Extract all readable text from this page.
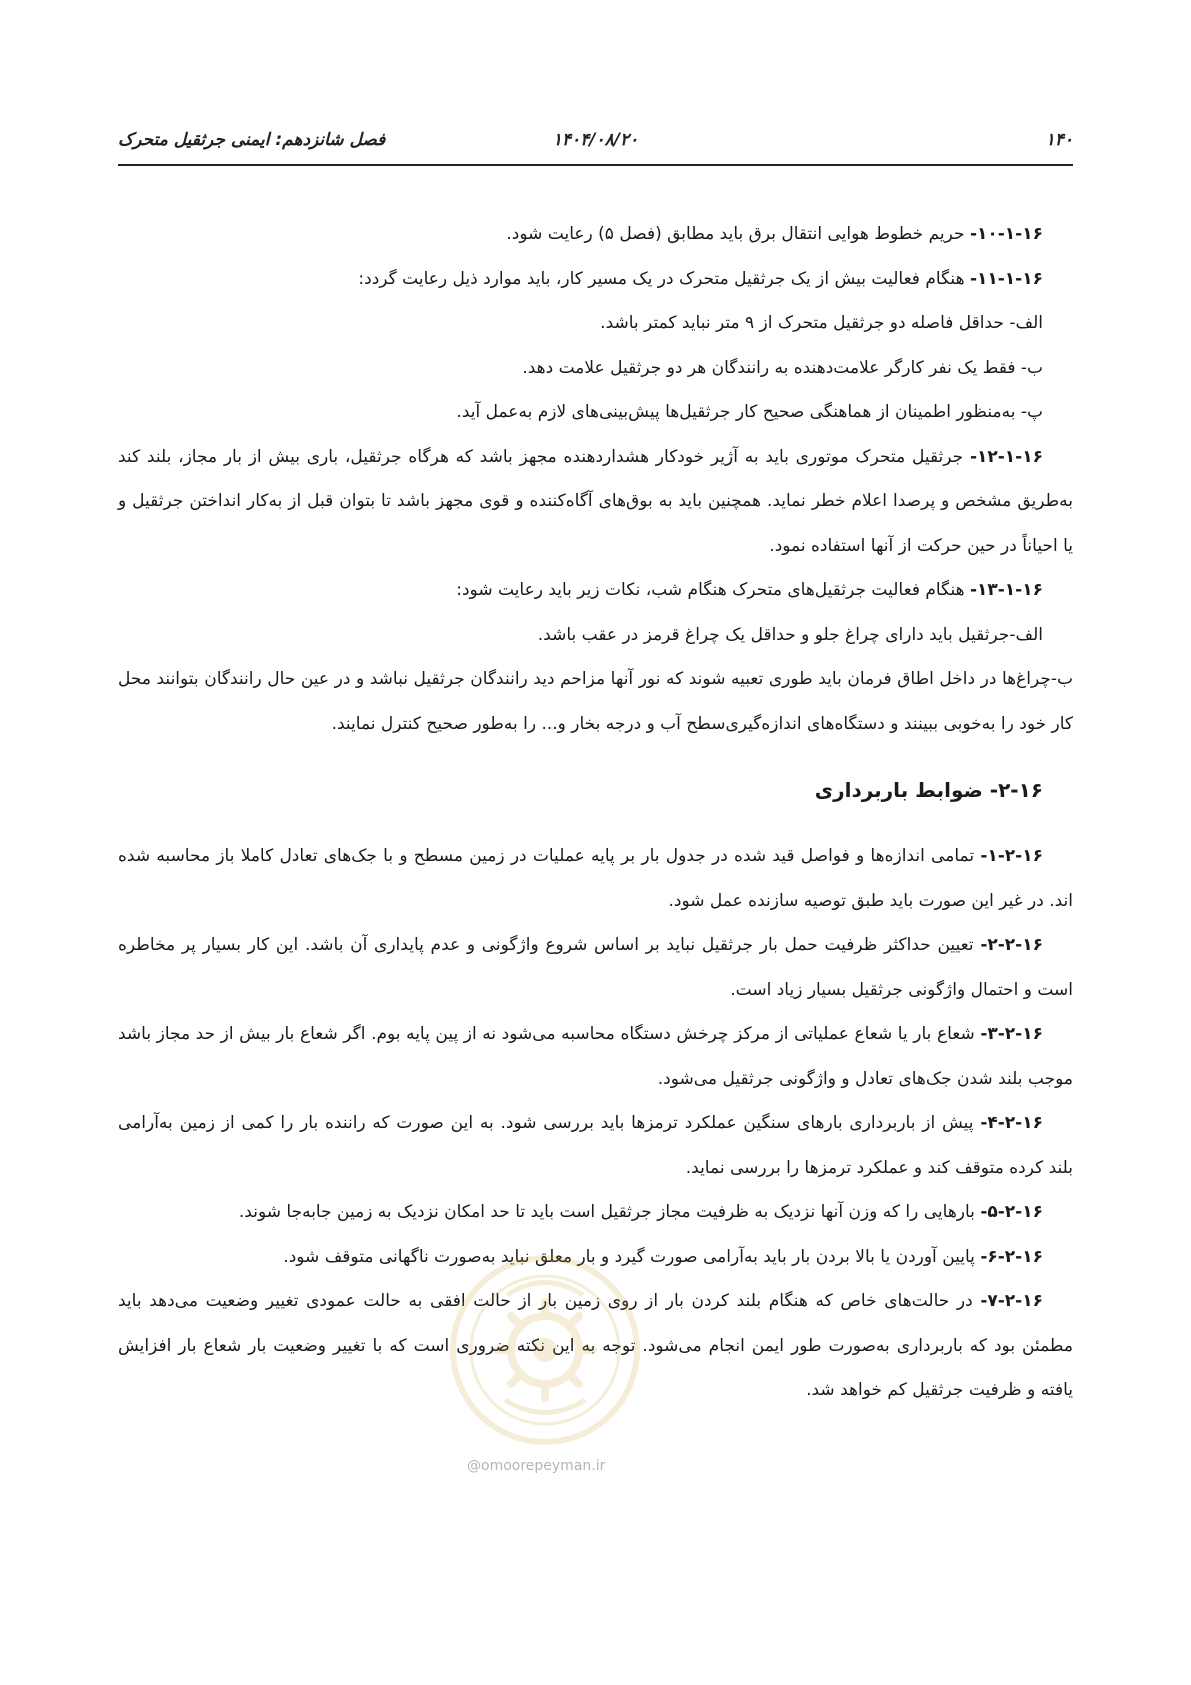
۱۴۰
۱۴۰۴/۰۸/۲۰
فصل شانزدهم: ایمنی جرثقیل متحرک

۱۰-۱-۱۶- حریم خطوط هوایی انتقال برق باید مطابق (فصل ۵) رعایت شود.

۱۱-۱-۱۶- هنگام فعالیت بیش از یک جرثقیل متحرک در یک مسیر کار، باید موارد ذیل رعایت گردد:

الف- حداقل فاصله دو جرثقیل متحرک از ۹ متر نباید کمتر باشد.

ب- فقط یک نفر کارگر علامت‌دهنده به رانندگان هر دو جرثقیل علامت دهد.

پ- به‌منظور اطمینان از هماهنگی صحیح کار جرثقیل‌ها پیش‌بینی‌های لازم به‌عمل آید.

۱۲-۱-۱۶- جرثقیل متحرک موتوری باید به آژیر خودکار هشداردهنده مجهز باشد که هرگاه جرثقیل، باری بیش از بار مجاز، بلند کند به‌طریق مشخص و پرصدا اعلام خطر نماید. همچنین باید به بوق‌های آگاه‌کننده و قوی مجهز باشد تا بتوان قبل از به‌کار انداختن جرثقیل و یا احیاناً در حین حرکت از آنها استفاده نمود.

۱۳-۱-۱۶- هنگام فعالیت جرثقیل‌های متحرک هنگام شب، نکات زیر باید رعایت شود:

الف-جرثقیل باید دارای چراغ جلو و حداقل یک چراغ قرمز در عقب باشد.

ب-چراغ‌ها در داخل اطاق فرمان باید طوری تعبیه شوند که نور آنها مزاحم دید رانندگان جرثقیل نباشد و در عین حال رانندگان بتوانند محل کار خود را به‌خوبی ببینند و دستگاه‌های اندازه‌گیری‌سطح آب و درجه بخار و... را به‌طور صحیح کنترل نمایند.

۲-۱۶- ضوابط باربرداری

۱-۲-۱۶- تمامی اندازه‌ها و فواصل قید شده در جدول بار بر پایه عملیات در زمین مسطح و با جک‌های تعادل کاملا باز محاسبه شده اند. در غیر این صورت باید طبق توصیه سازنده عمل شود.

۲-۲-۱۶- تعیین حداکثر ظرفیت حمل بار جرثقیل نباید بر اساس شروع واژگونی و عدم پایداری آن باشد. این کار بسیار پر مخاطره است و احتمال واژگونی جرثقیل بسیار زیاد است.

۳-۲-۱۶- شعاع بار یا شعاع عملیاتی از مرکز چرخش دستگاه محاسبه می‌شود نه از پین پایه بوم. اگر شعاع بار بیش از حد مجاز باشد موجب بلند شدن جک‌های تعادل و واژگونی جرثقیل می‌شود.

۴-۲-۱۶- پیش از باربرداری بارهای سنگین عملکرد ترمزها باید بررسی شود. به این صورت که راننده بار را کمی از زمین به‌آرامی بلند کرده متوقف کند و عملکرد ترمزها را بررسی نماید.

۵-۲-۱۶- بارهایی را که وزن آنها نزدیک به ظرفیت مجاز جرثقیل است باید تا حد امکان نزدیک به زمین جابه‌جا شوند.

۶-۲-۱۶- پایین آوردن یا بالا بردن بار باید به‌آرامی صورت گیرد و بار معلق نباید به‌صورت ناگهانی متوقف شود.

۷-۲-۱۶- در حالت‌های خاص که هنگام بلند کردن بار از روی زمین بار از حالت افقی به حالت عمودی تغییر وضعیت می‌دهد باید مطمئن بود که باربرداری به‌صورت طور ایمن انجام می‌شود. توجه به این نکته ضروری است که با تغییر وضعیت بار شعاع بار افزایش یافته و ظرفیت جرثقیل کم خواهد شد.

@omoorepeyman.ir
